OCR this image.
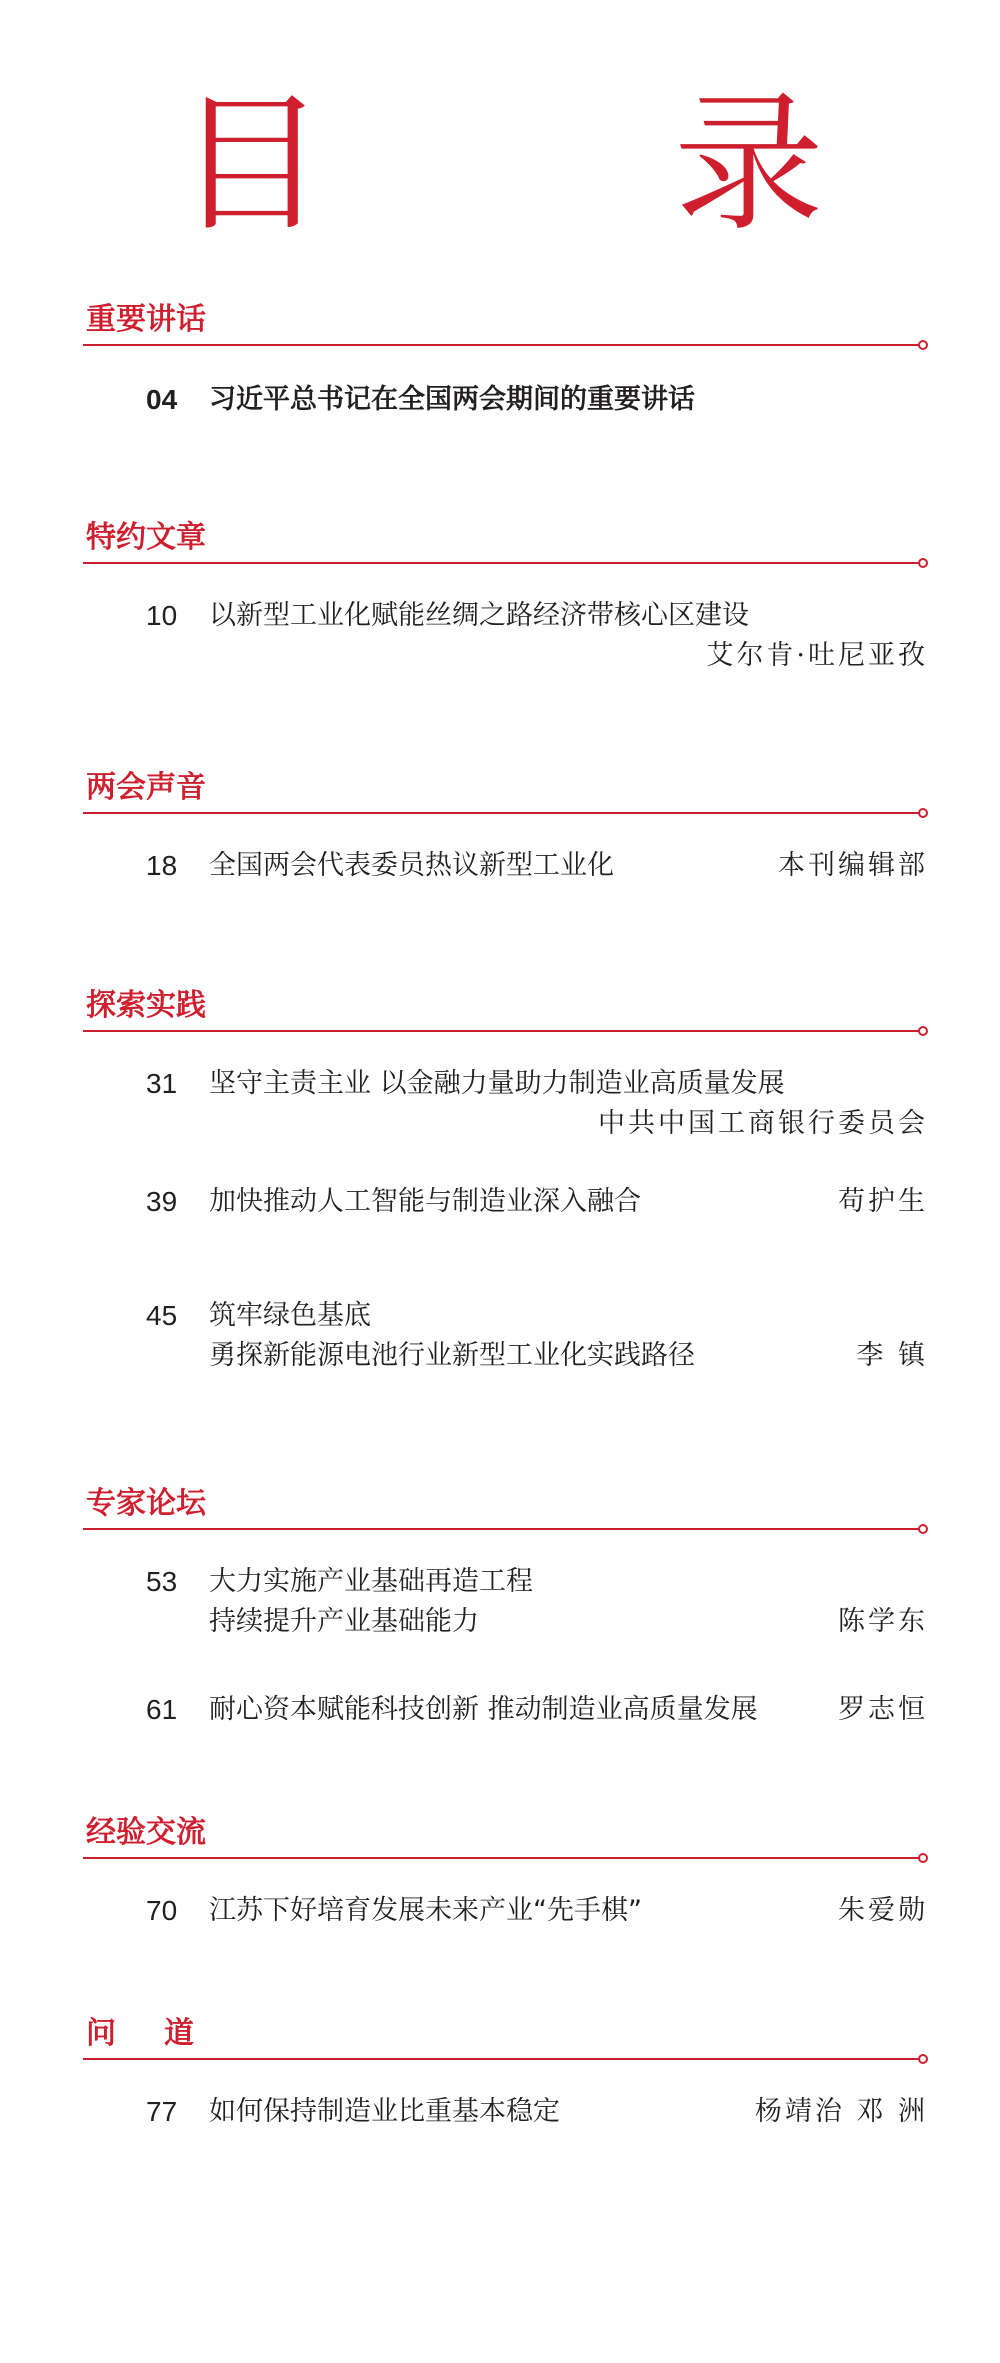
目 录
重要讲话
04 习近平总书记在全国两会期间的重要讲话
特约文章
10 以新型工业化赋能丝绸之路经济带核心区建设
艾尔肯·吐尼亚孜
两会声音
18 全国两会代表委员热议新型工业化	本刊编辑部
探索实践
31 坚守主责主业 以金融力量助力制造业高质量发展
中共中国工商银行委员会
39 加快推动人工智能与制造业深入融合	苟护生
45 筑牢绿色基底
勇探新能源电池行业新型工业化实践路径	李 镇
专家论坛
53 大力实施产业基础再造工程
持续提升产业基础能力	陈学东
61 耐心资本赋能科技创新 推动制造业高质量发展	罗志恒
经验交流
70 江苏下好培育发展未来产业“先手棋”	朱爱勋
问道
77 如何保持制造业比重基本稳定	杨靖治 邓 洲
